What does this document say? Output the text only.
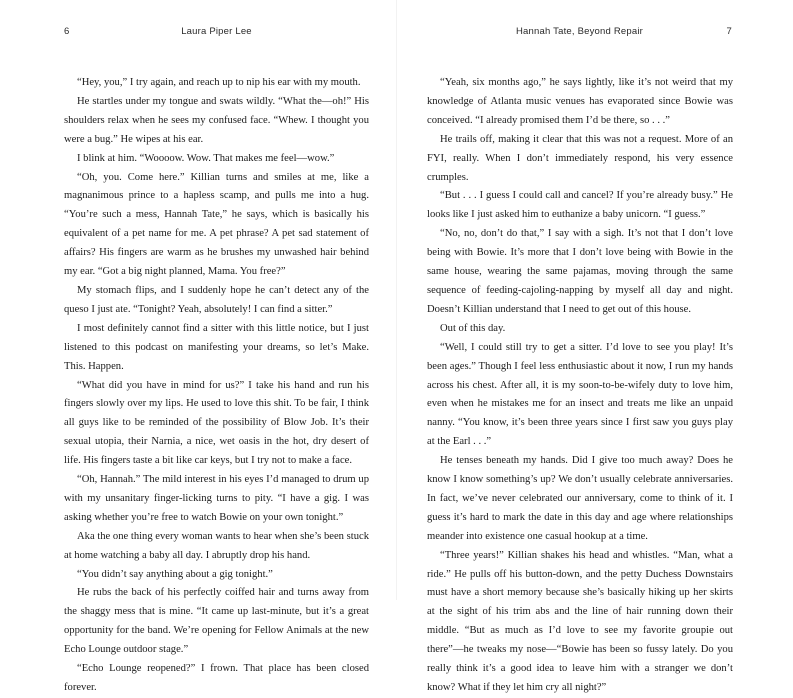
6	Laura Piper Lee

“Hey, you,” I try again, and reach up to nip his ear with my mouth.

He startles under my tongue and swats wildly. “What the—oh!” His shoulders relax when he sees my confused face. “Whew. I thought you were a bug.” He wipes at his ear.

I blink at him. “Woooow. Wow. That makes me feel—wow.”

“Oh, you. Come here.” Killian turns and smiles at me, like a magnanimous prince to a hapless scamp, and pulls me into a hug. “You’re such a mess, Hannah Tate,” he says, which is basically his equivalent of a pet name for me. A pet phrase? A pet sad statement of affairs? His fingers are warm as he brushes my unwashed hair behind my ear. “Got a big night planned, Mama. You free?”

My stomach flips, and I suddenly hope he can’t detect any of the queso I just ate. “Tonight? Yeah, absolutely! I can find a sitter.”

I most definitely cannot find a sitter with this little notice, but I just listened to this podcast on manifesting your dreams, so let’s Make. This. Happen.

“What did you have in mind for us?” I take his hand and run his fingers slowly over my lips. He used to love this shit. To be fair, I think all guys like to be reminded of the possibility of Blow Job. It’s their sexual utopia, their Narnia, a nice, wet oasis in the hot, dry desert of life. His fingers taste a bit like car keys, but I try not to make a face.

“Oh, Hannah.” The mild interest in his eyes I’d managed to drum up with my unsanitary finger-licking turns to pity. “I have a gig. I was asking whether you’re free to watch Bowie on your own tonight.”

Aka the one thing every woman wants to hear when she’s been stuck at home watching a baby all day. I abruptly drop his hand.

“You didn’t say anything about a gig tonight.”

He rubs the back of his perfectly coiffed hair and turns away from the shaggy mess that is mine. “It came up last-minute, but it’s a great opportunity for the band. We’re opening for Fellow Animals at the new Echo Lounge outdoor stage.”

“Echo Lounge reopened?” I frown. That place has been closed forever.

Hannah Tate, Beyond Repair	7

“Yeah, six months ago,” he says lightly, like it’s not weird that my knowledge of Atlanta music venues has evaporated since Bowie was conceived. “I already promised them I’d be there, so . . .”

He trails off, making it clear that this was not a request. More of an FYI, really. When I don’t immediately respond, his very essence crumples.

“But . . . I guess I could call and cancel? If you’re already busy.” He looks like I just asked him to euthanize a baby unicorn. “I guess.”

“No, no, don’t do that,” I say with a sigh. It’s not that I don’t love being with Bowie. It’s more that I don’t love being with Bowie in the same house, wearing the same pajamas, moving through the same sequence of feeding-cajoling-napping by myself all day and night. Doesn’t Killian understand that I need to get out of this house.

Out of this day.

“Well, I could still try to get a sitter. I’d love to see you play! It’s been ages.” Though I feel less enthusiastic about it now, I run my hands across his chest. After all, it is my soon-to-be-wifely duty to love him, even when he mistakes me for an insect and treats me like an unpaid nanny. “You know, it’s been three years since I first saw you guys play at the Earl . . .”

He tenses beneath my hands. Did I give too much away? Does he know I know something’s up? We don’t usually celebrate anniversaries. In fact, we’ve never celebrated our anniversary, come to think of it. I guess it’s hard to mark the date in this day and age where relationships meander into existence one casual hookup at a time.

“Three years!” Killian shakes his head and whistles. “Man, what a ride.” He pulls off his button-down, and the petty Duchess Downstairs must have a short memory because she’s basically hiking up her skirts at the sight of his trim abs and the line of hair running down their middle. “But as much as I’d love to see my favorite groupie out there”—he tweaks my nose—“Bowie has been so fussy lately. Do you really think it’s a good idea to leave him with a stranger we don’t know? What if they let him cry all night?”
